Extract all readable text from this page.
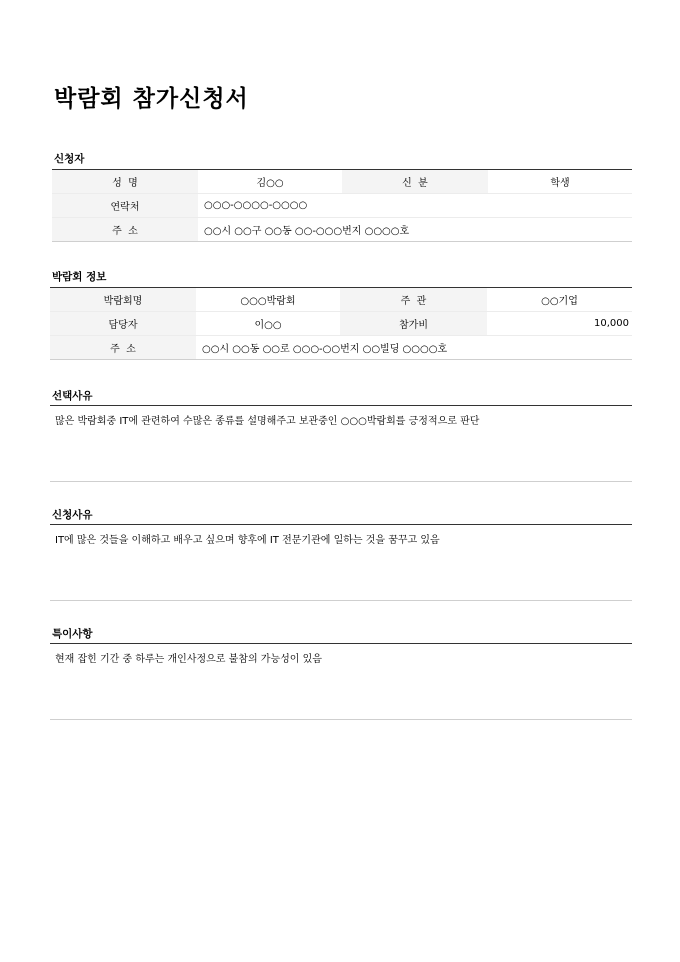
박람회 참가신청서
신청자
성  명	김○○	신  분	학생
연락처	○○○-○○○○-○○○○		
주  소	○○시 ○○구 ○○동 ○○-○○○번지 ○○○○호		
박람회 정보
박람회명	○○○박람회	주  관	○○기업
담당자	이○○	참가비	10,000
주  소	○○시 ○○동 ○○로 ○○○-○○번지 ○○빌딩 ○○○○호		
선택사유
많은 박람회중 IT에 관련하여 수많은 종류를 설명해주고 보관중인 ○○○박람회를 긍정적으로 판단
신청사유
IT에 많은 것들을 이해하고 배우고 싶으며 향후에 IT 전문기관에 일하는 것을 꿈꾸고 있음
특이사항
현재 잡힌 기간 중 하루는 개인사정으로 불참의 가능성이 있음
